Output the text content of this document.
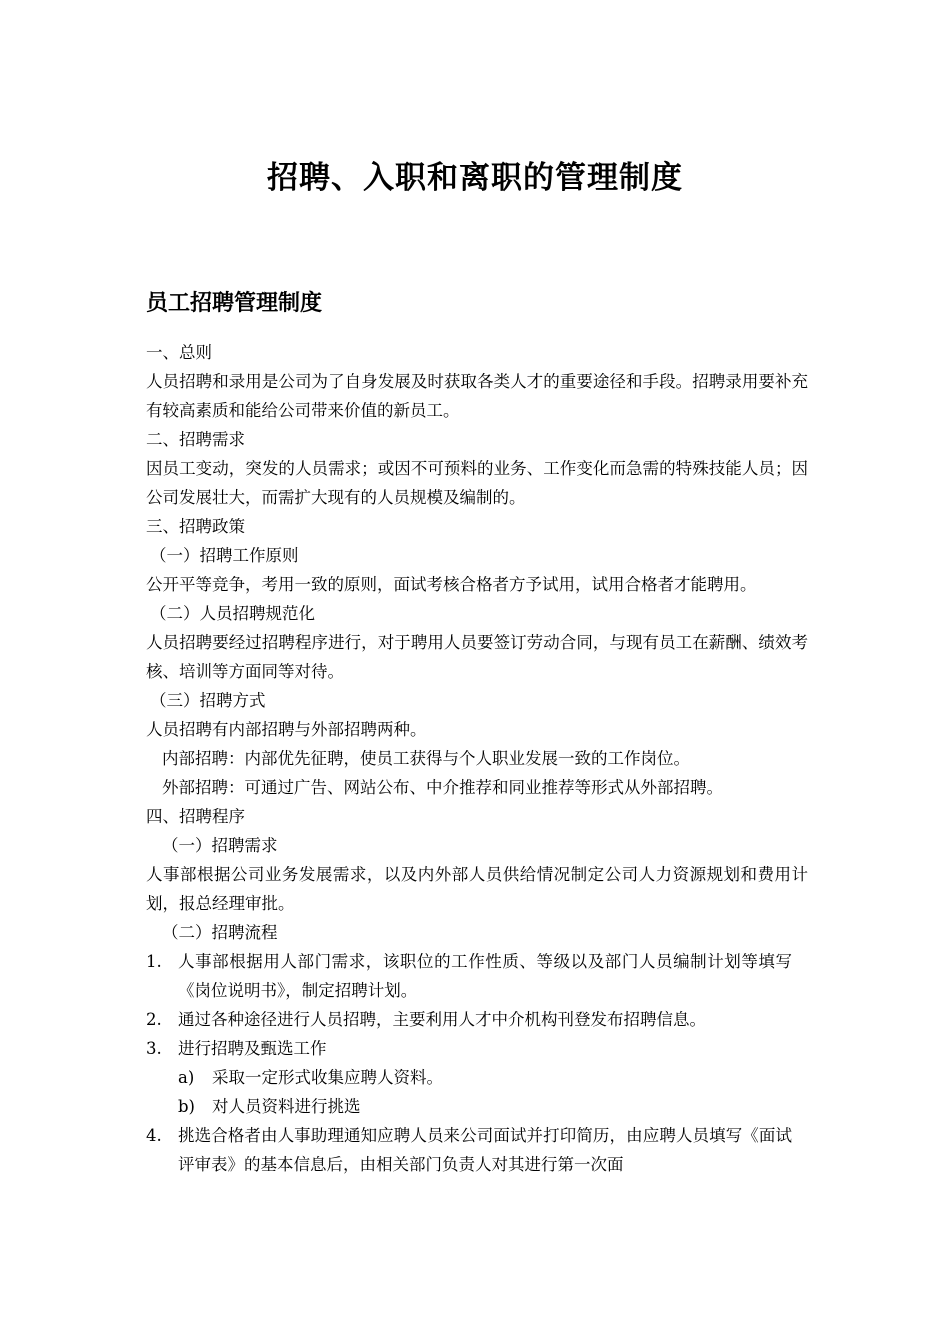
招聘、入职和离职的管理制度
员工招聘管理制度

一、总则

人员招聘和录用是公司为了自身发展及时获取各类人才的重要途径和手段。招聘录用要补充有较高素质和能给公司带来价值的新员工。

二、招聘需求

因员工变动，突发的人员需求；或因不可预料的业务、工作变化而急需的特殊技能人员；因公司发展壮大，而需扩大现有的人员规模及编制的。

三、招聘政策

（一）招聘工作原则

公开平等竞争，考用一致的原则，面试考核合格者方予试用，试用合格者才能聘用。

（二）人员招聘规范化

人员招聘要经过招聘程序进行，对于聘用人员要签订劳动合同，与现有员工在薪酬、绩效考核、培训等方面同等对待。

（三）招聘方式

人员招聘有内部招聘与外部招聘两种。

内部招聘：内部优先征聘，使员工获得与个人职业发展一致的工作岗位。

外部招聘：可通过广告、网站公布、中介推荐和同业推荐等形式从外部招聘。

四、招聘程序

（一）招聘需求

人事部根据公司业务发展需求，以及内外部人员供给情况制定公司人力资源规划和费用计划，报总经理审批。

（二）招聘流程

1. 人事部根据用人部门需求，该职位的工作性质、等级以及部门人员编制计划等填写《岗位说明书》，制定招聘计划。
2. 通过各种途径进行人员招聘，主要利用人才中介机构刊登发布招聘信息。
3. 进行招聘及甄选工作
a) 采取一定形式收集应聘人资料。
b) 对人员资料进行挑选
4. 挑选合格者由人事助理通知应聘人员来公司面试并打印简历，由应聘人员填写《面试评审表》的基本信息后，由相关部门负责人对其进行第一次面
